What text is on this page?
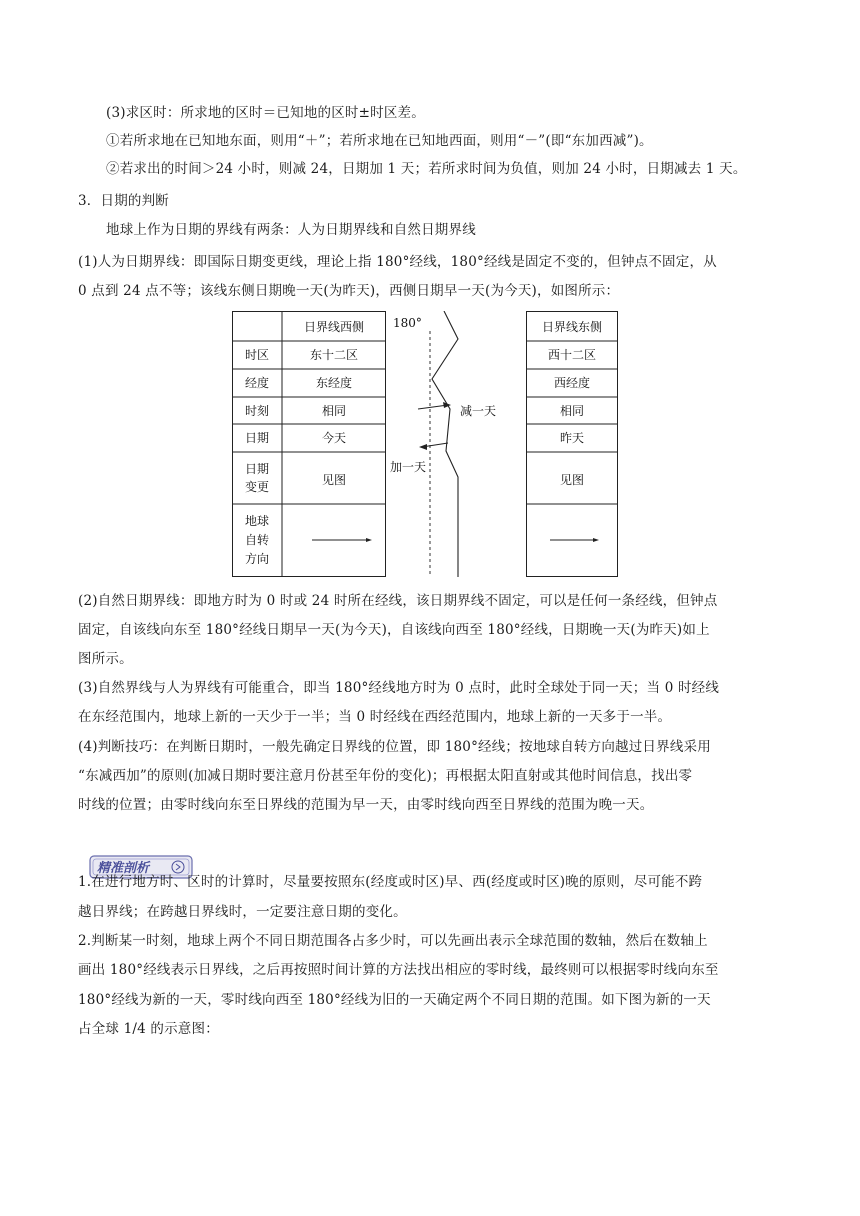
(3)求区时：所求地的区时＝已知地的区时±时区差。
①若所求地在已知地东面，则用“＋”；若所求地在已知地西面，则用“－”(即“东加西减”)。
②若求出的时间＞24 小时，则减 24，日期加 1 天；若所求时间为负值，则加 24 小时，日期减去 1 天。
3．日期的判断
地球上作为日期的界线有两条：人为日期界线和自然日期界线
(1)人为日期界线：即国际日期变更线，理论上指 180°经线，180°经线是固定不变的，但钟点不固定，从
0 点到 24 点不等；该线东侧日期晚一天(为昨天)，西侧日期早一天(为今天)，如图所示：
日界线西侧	日界线东侧
180°
减一天
加一天
时区	东十二区	西十二区
经度	东经度	西经度
时刻	相同	相同
日期	今天	昨天
日期
变更	见图	见图
地球
自转
方向
(2)自然日期界线：即地方时为 0 时或 24 时所在经线，该日期界线不固定，可以是任何一条经线，但钟点
固定，自该线向东至 180°经线日期早一天(为今天)，自该线向西至 180°经线，日期晚一天(为昨天)如上
图所示。
(3)自然界线与人为界线有可能重合，即当 180°经线地方时为 0 点时，此时全球处于同一天；当 0 时经线
在东经范围内，地球上新的一天少于一半；当 0 时经线在西经范围内，地球上新的一天多于一半。
(4)判断技巧：在判断日期时，一般先确定日界线的位置，即 180°经线；按地球自转方向越过日界线采用
“东减西加”的原则(加减日期时要注意月份甚至年份的变化)；再根据太阳直射或其他时间信息，找出零
时线的位置；由零时线向东至日界线的范围为早一天，由零时线向西至日界线的范围为晚一天。
精准剖析
1.在进行地方时、区时的计算时，尽量要按照东(经度或时区)早、西(经度或时区)晚的原则，尽可能不跨
越日界线；在跨越日界线时，一定要注意日期的变化。
2.判断某一时刻，地球上两个不同日期范围各占多少时，可以先画出表示全球范围的数轴，然后在数轴上
画出 180°经线表示日界线，之后再按照时间计算的方法找出相应的零时线，最终则可以根据零时线向东至
180°经线为新的一天，零时线向西至 180°经线为旧的一天确定两个不同日期的范围。如下图为新的一天
占全球 1/4 的示意图：
